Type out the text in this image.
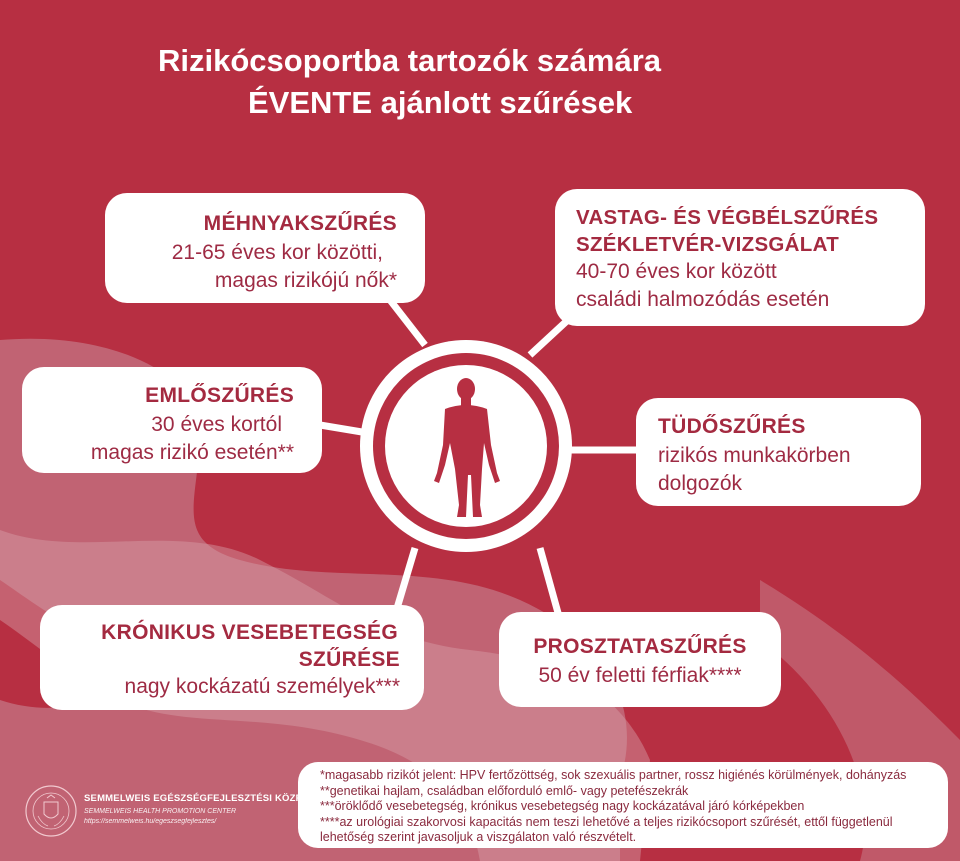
Rizikócsoportba tartozók számára
ÉVENTE ajánlott szűrések
MÉHNYAKSZŰRÉS
21-65 éves kor közötti,
magas rizikójú nők*
VASTAG- ÉS VÉGBÉLSZŰRÉS
SZÉKLETVÉR-VIZSGÁLAT
40-70 éves kor között
családi halmozódás esetén
EMLŐSZŰRÉS
30 éves kortól
magas rizikó esetén**
TÜDŐSZŰRÉS
rizikós munkakörben
dolgozók
KRÓNIKUS VESEBETEGSÉG
SZŰRÉSE
nagy kockázatú személyek***
PROSZTATASZŰRÉS
50 év feletti férfiak****
*magasabb rizikót jelent: HPV fertőzöttség, sok szexuális partner, rossz higiénés körülmények, dohányzás
**genetikai hajlam, családban előforduló emlő- vagy petefészekrák
***öröklődő vesebetegség, krónikus vesebetegség nagy kockázatával járó kórképekben
****az urológiai szakorvosi kapacitás nem teszi lehetővé a teljes rizikócsoport szűrését, ettől függetlenül
lehetőség szerint javasoljuk a viszgálaton való részvételt.
SEMMELWEIS EGÉSZSÉGFEJLESZTÉSI KÖZPONT
SEMMELWEIS HEALTH PROMOTION CENTER
https://semmelweis.hu/egeszsegfejlesztes/
